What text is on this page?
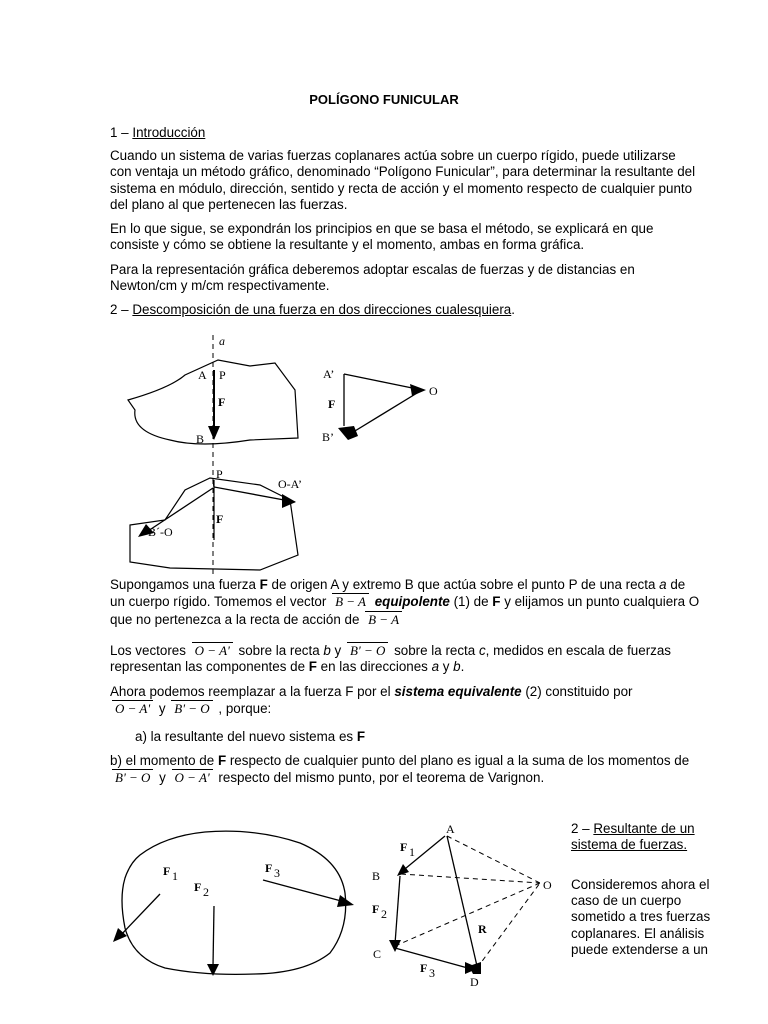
POLÍGONO FUNICULAR

1 – Introducción

Cuando un sistema de varias fuerzas coplanares actúa sobre un cuerpo rígido, puede utilizarse con ventaja un método gráfico, denominado “Polígono Funicular”, para determinar la resultante del sistema en módulo, dirección, sentido y recta de acción y el momento respecto de cualquier punto del plano al que pertenecen las fuerzas.

En lo que sigue, se expondrán los principios en que se basa el método, se explicará en que consiste y cómo se obtiene la resultante y el momento, ambas en forma gráfica.

Para la representación gráfica deberemos adoptar escalas de fuerzas y de distancias en Newton/cm y m/cm respectivamente.

2 – Descomposición de una fuerza en dos direcciones cualesquiera.

a
A P
F
B
A’
O
F
B’
P
O-A’
F
B´-O

Supongamos una fuerza F de origen A y extremo B que actúa sobre el punto P de una recta a de un cuerpo rígido. Tomemos el vector B − A equipolente (1) de F y elijamos un punto cualquiera O que no pertenezca a la recta de acción de B − A

Los vectores O − A' sobre la recta b y B' − O sobre la recta c, medidos en escala de fuerzas representan las componentes de F en las direcciones a y b.

Ahora podemos reemplazar a la fuerza F por el sistema equivalente (2) constituido por
O − A' y B' − O , porque:

a) la resultante del nuevo sistema es F

b) el momento de F respecto de cualquier punto del plano es igual a la suma de los momentos de B' − O y O − A' respecto del mismo punto, por el teorema de Varignon.

F 1
F 2
F 3
A
B
C
D
O
R
F 1
F 2
F 3

2 – Resultante de un sistema de fuerzas.

Consideremos ahora el caso de un cuerpo sometido a tres fuerzas coplanares. El análisis puede extenderse a un
